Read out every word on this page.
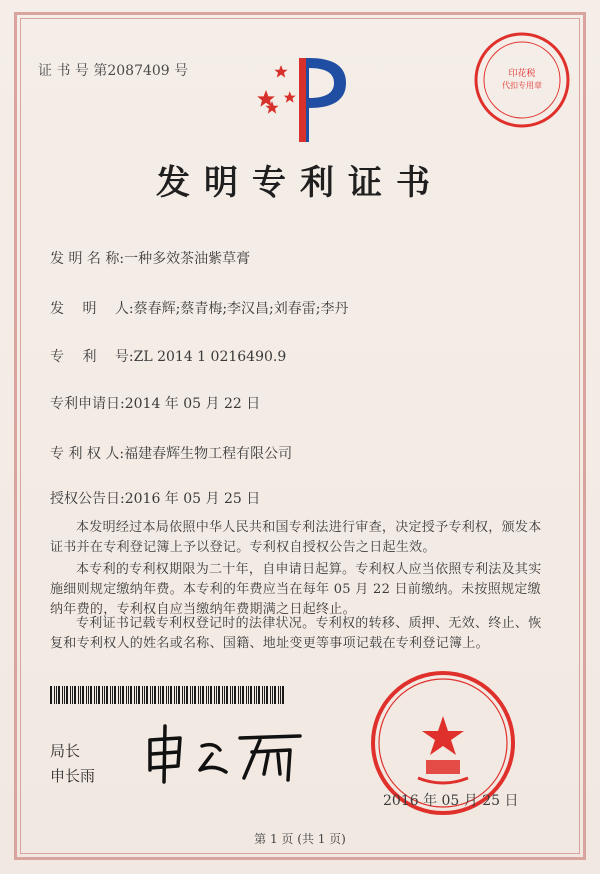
证 书 号 第2087409 号	印花税
代扣专用章
发明专利证书
发 明 名 称:一种多效茶油紫草膏
发　 明　 人:蔡春辉;蔡青梅;李汉昌;刘春雷;李丹
专　 利　 号:ZL 2014 1 0216490.9
专利申请日:2014 年 05 月 22 日
专 利 权 人:福建春辉生物工程有限公司
授权公告日:2016 年 05 月 25 日
本发明经过本局依照中华人民共和国专利法进行审查，决定授予专利权，颁发本证书并在专利登记簿上予以登记。专利权自授权公告之日起生效。
本专利的专利权期限为二十年，自申请日起算。专利权人应当依照专利法及其实施细则规定缴纳年费。本专利的年费应当在每年 05 月 22 日前缴纳。未按照规定缴纳年费的，专利权自应当缴纳年费期满之日起终止。
专利证书记载专利权登记时的法律状况。专利权的转移、质押、无效、终止、恢复和专利权人的姓名或名称、国籍、地址变更等事项记载在专利登记簿上。
局长
申长雨
2016 年 05 月 25 日
第 1 页 (共 1 页)
